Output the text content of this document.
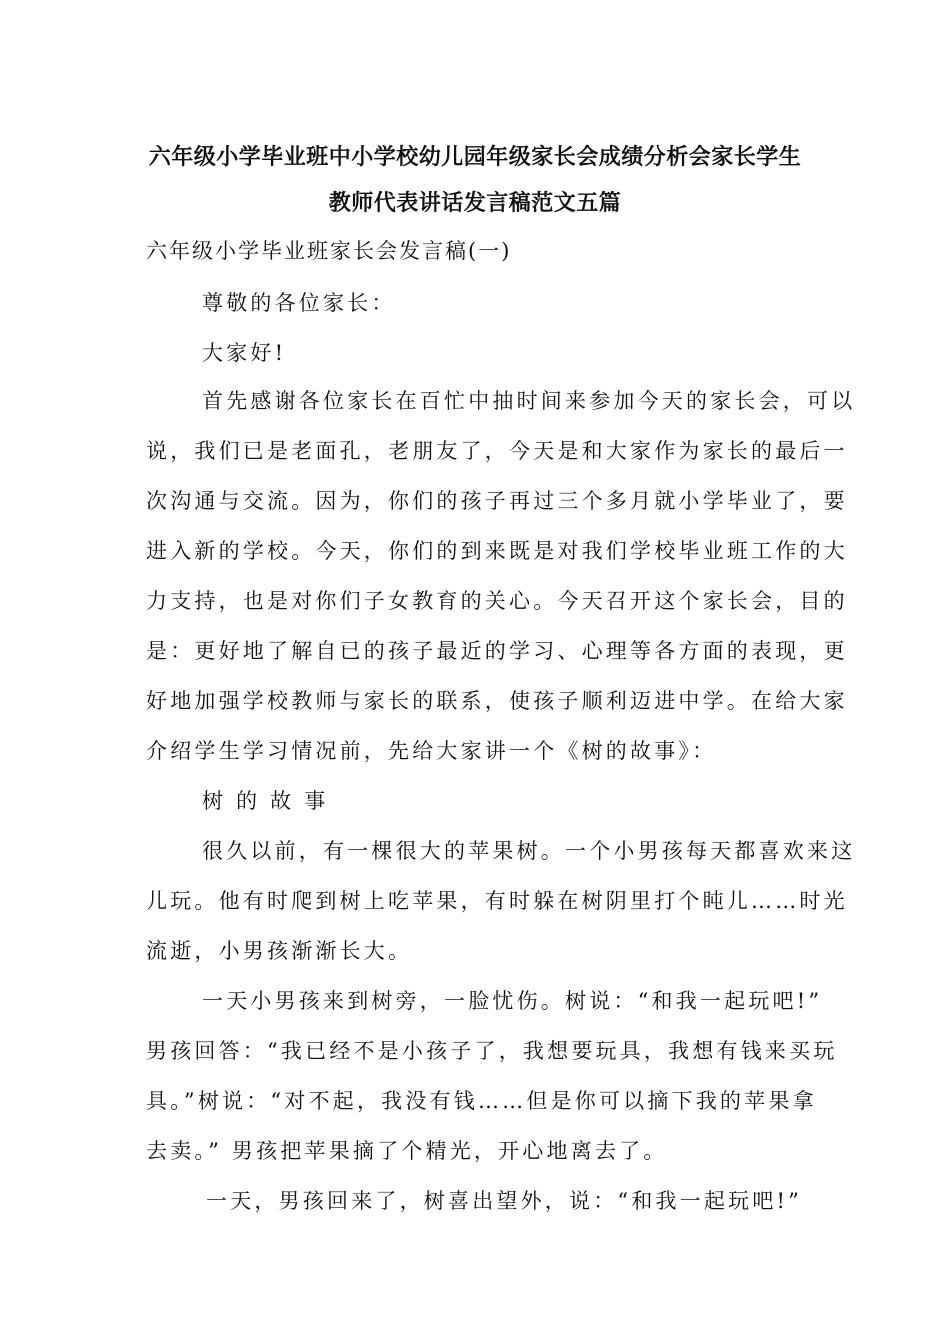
六年级小学毕业班中小学校幼儿园年级家长会成绩分析会家长学生
教师代表讲话发言稿范文五篇
六年级小学毕业班家长会发言稿(一)
尊敬的各位家长：
大家好!
首先感谢各位家长在百忙中抽时间来参加今天的家长会，可以
说，我们已是老面孔，老朋友了，今天是和大家作为家长的最后一
次沟通与交流。因为，你们的孩子再过三个多月就小学毕业了，要
进入新的学校。今天，你们的到来既是对我们学校毕业班工作的大
力支持，也是对你们子女教育的关心。今天召开这个家长会，目的
是：更好地了解自已的孩子最近的学习、心理等各方面的表现，更
好地加强学校教师与家长的联系，使孩子顺利迈进中学。在给大家
介绍学生学习情况前，先给大家讲一个《树的故事》：
树 的 故 事
很久以前，有一棵很大的苹果树。一个小男孩每天都喜欢来这
儿玩。他有时爬到树上吃苹果，有时躲在树阴里打个盹儿……时光
流逝，小男孩渐渐长大。
一天小男孩来到树旁，一脸忧伤。树说：“和我一起玩吧!”
男孩回答：“我已经不是小孩子了，我想要玩具，我想有钱来买玩
具。”树说：“对不起，我没有钱……但是你可以摘下我的苹果拿
去卖。” 男孩把苹果摘了个精光，开心地离去了。
一天，男孩回来了，树喜出望外，说：“和我一起玩吧!”
